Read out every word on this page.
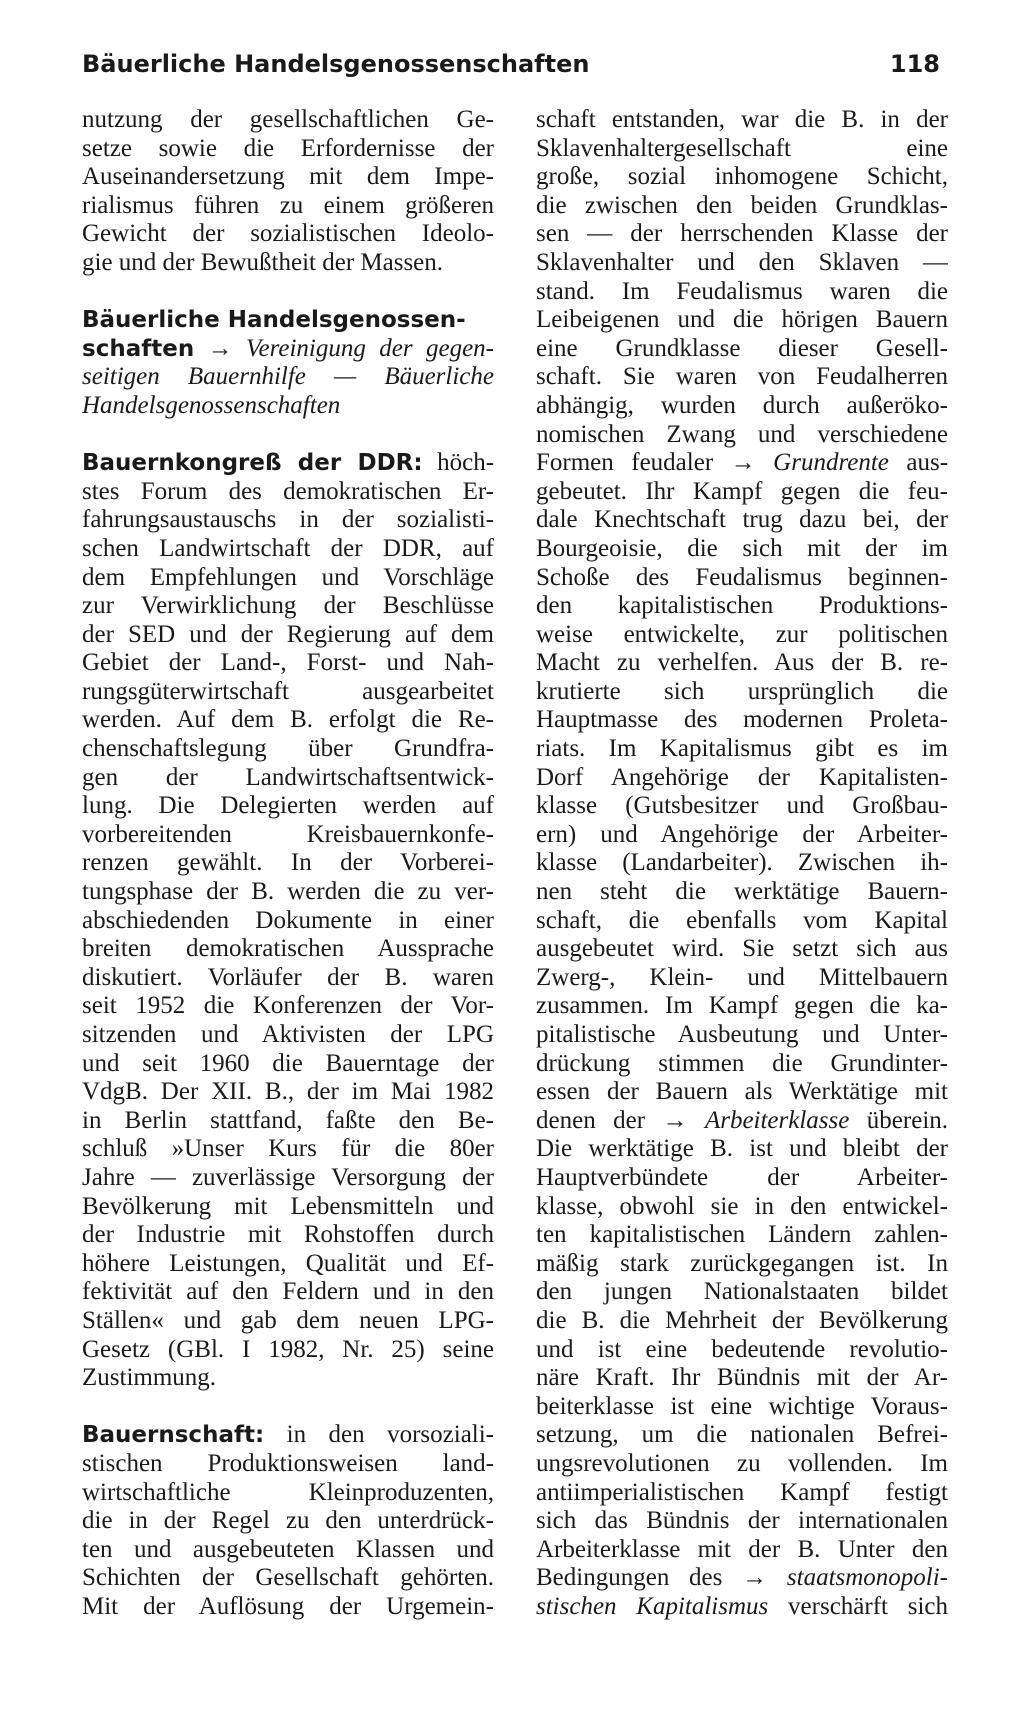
Bäuerliche Handelsgenossenschaften	118
nutzung der gesellschaftlichen Ge-
setze sowie die Erfordernisse der
Auseinandersetzung mit dem Impe-
rialismus führen zu einem größeren
Gewicht der sozialistischen Ideolo-
gie und der Bewußtheit der Massen.
Bäuerliche Handelsgenossen-
schaften → Vereinigung der gegen-
seitigen Bauernhilfe — Bäuerliche
Handelsgenossenschaften
Bauernkongreß der DDR: höch-
stes Forum des demokratischen Er-
fahrungsaustauschs in der sozialisti-
schen Landwirtschaft der DDR, auf
dem Empfehlungen und Vorschläge
zur Verwirklichung der Beschlüsse
der SED und der Regierung auf dem
Gebiet der Land-, Forst- und Nah-
rungsgüterwirtschaft ausgearbeitet
werden. Auf dem B. erfolgt die Re-
chenschaftslegung über Grundfra-
gen der Landwirtschaftsentwick-
lung. Die Delegierten werden auf
vorbereitenden Kreisbauernkonfe-
renzen gewählt. In der Vorberei-
tungsphase der B. werden die zu ver-
abschiedenden Dokumente in einer
breiten demokratischen Aussprache
diskutiert. Vorläufer der B. waren
seit 1952 die Konferenzen der Vor-
sitzenden und Aktivisten der LPG
und seit 1960 die Bauerntage der
VdgB. Der XII. B., der im Mai 1982
in Berlin stattfand, faßte den Be-
schluß »Unser Kurs für die 80er
Jahre — zuverlässige Versorgung der
Bevölkerung mit Lebensmitteln und
der Industrie mit Rohstoffen durch
höhere Leistungen, Qualität und Ef-
fektivität auf den Feldern und in den
Ställen« und gab dem neuen LPG-
Gesetz (GBl. I 1982, Nr. 25) seine
Zustimmung.
Bauernschaft: in den vorsoziali-
stischen Produktionsweisen land-
wirtschaftliche Kleinproduzenten,
die in der Regel zu den unterdrück-
ten und ausgebeuteten Klassen und
Schichten der Gesellschaft gehörten.
Mit der Auflösung der Urgemein-
schaft entstanden, war die B. in der
Sklavenhaltergesellschaft eine
große, sozial inhomogene Schicht,
die zwischen den beiden Grundklas-
sen — der herrschenden Klasse der
Sklavenhalter und den Sklaven —
stand. Im Feudalismus waren die
Leibeigenen und die hörigen Bauern
eine Grundklasse dieser Gesell-
schaft. Sie waren von Feudalherren
abhängig, wurden durch außeröko-
nomischen Zwang und verschiedene
Formen feudaler → Grundrente aus-
gebeutet. Ihr Kampf gegen die feu-
dale Knechtschaft trug dazu bei, der
Bourgeoisie, die sich mit der im
Schoße des Feudalismus beginnen-
den kapitalistischen Produktions-
weise entwickelte, zur politischen
Macht zu verhelfen. Aus der B. re-
krutierte sich ursprünglich die
Hauptmasse des modernen Proleta-
riats. Im Kapitalismus gibt es im
Dorf Angehörige der Kapitalisten-
klasse (Gutsbesitzer und Großbau-
ern) und Angehörige der Arbeiter-
klasse (Landarbeiter). Zwischen ih-
nen steht die werktätige Bauern-
schaft, die ebenfalls vom Kapital
ausgebeutet wird. Sie setzt sich aus
Zwerg-, Klein- und Mittelbauern
zusammen. Im Kampf gegen die ka-
pitalistische Ausbeutung und Unter-
drückung stimmen die Grundinter-
essen der Bauern als Werktätige mit
denen der → Arbeiterklasse überein.
Die werktätige B. ist und bleibt der
Hauptverbündete der Arbeiter-
klasse, obwohl sie in den entwickel-
ten kapitalistischen Ländern zahlen-
mäßig stark zurückgegangen ist. In
den jungen Nationalstaaten bildet
die B. die Mehrheit der Bevölkerung
und ist eine bedeutende revolutio-
näre Kraft. Ihr Bündnis mit der Ar-
beiterklasse ist eine wichtige Voraus-
setzung, um die nationalen Befrei-
ungsrevolutionen zu vollenden. Im
antiimperialistischen Kampf festigt
sich das Bündnis der internationalen
Arbeiterklasse mit der B. Unter den
Bedingungen des → staatsmonopoli-
stischen Kapitalismus verschärft sich
